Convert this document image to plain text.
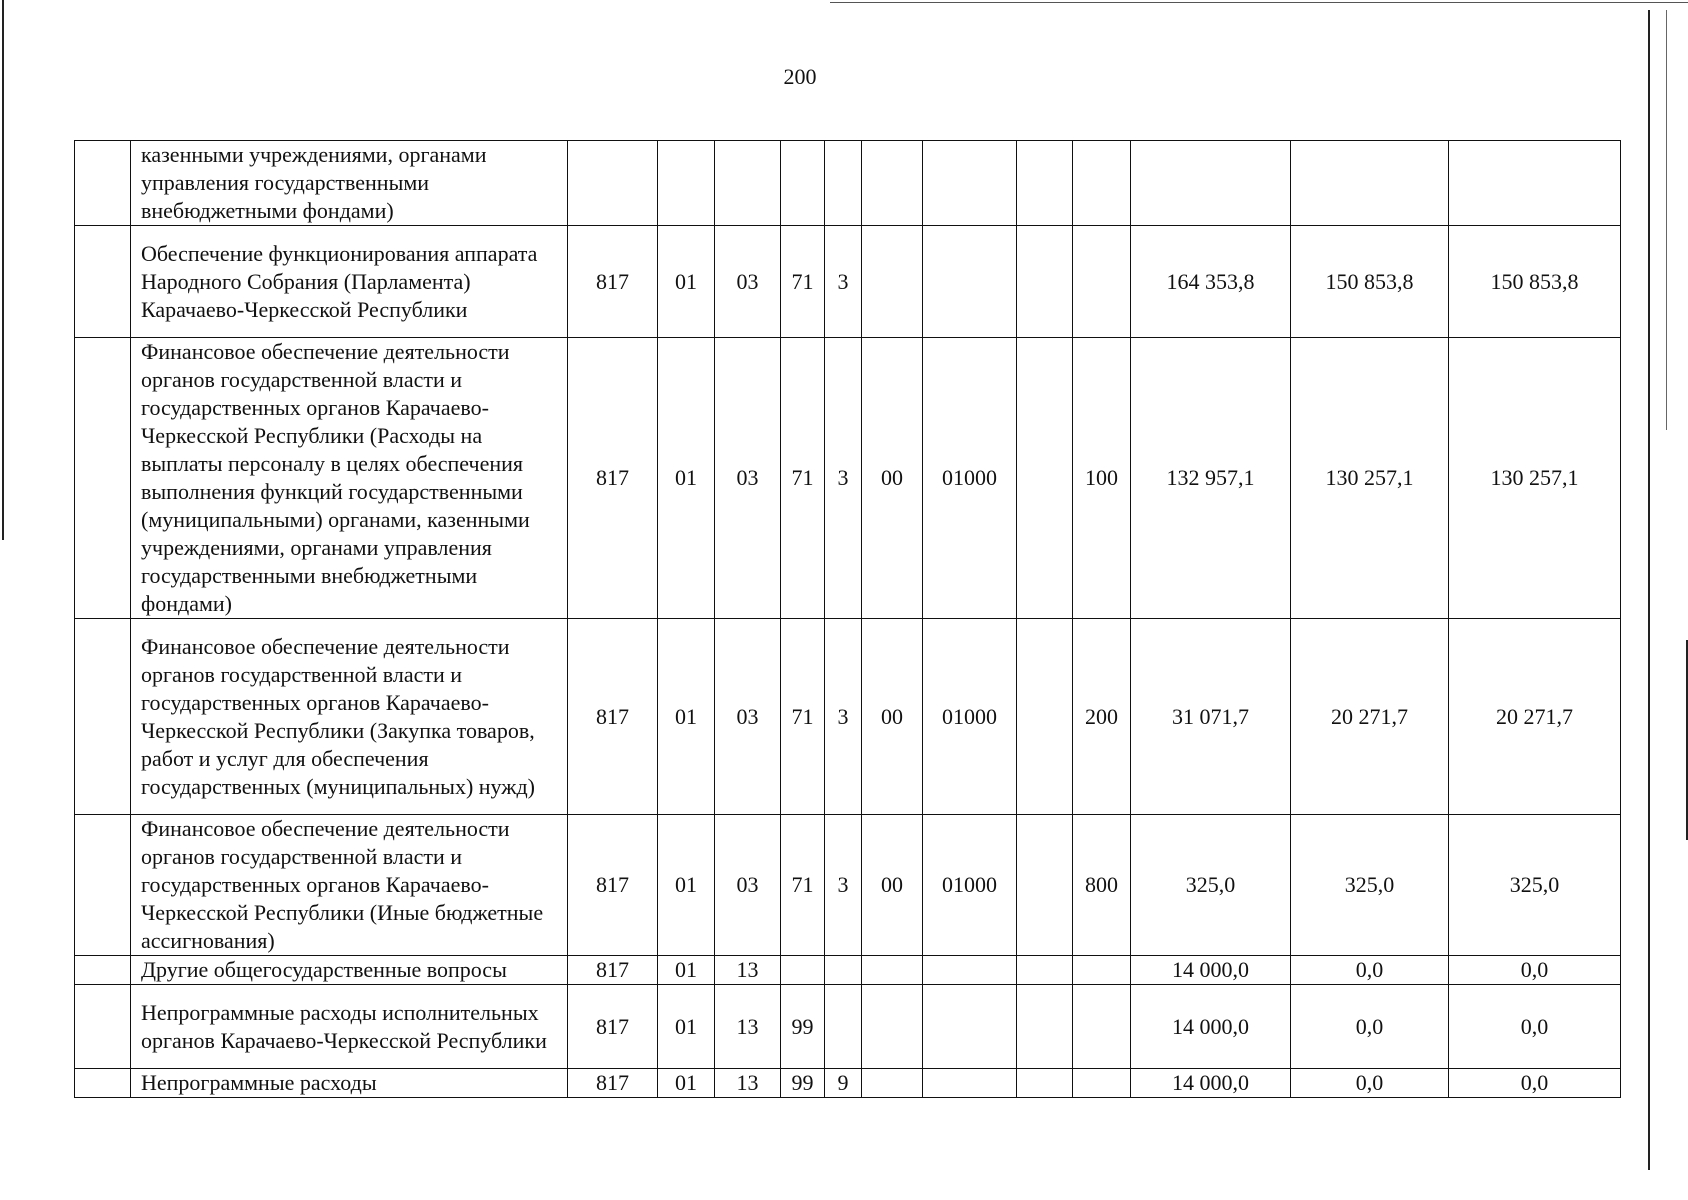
200
	казенными учреждениями, органами управления государственными внебюджетными фондами)												
	Обеспечение функционирования аппарата Народного Собрания (Парламента) Карачаево-Черкесской Республики	817	01	03	71	3					164 353,8	150 853,8	150 853,8
	Финансовое обеспечение деятельности органов государственной власти и государственных органов Карачаево-Черкесской Республики (Расходы на выплаты персоналу в целях обеспечения выполнения функций государственными (муниципальными) органами, казенными учреждениями, органами управления государственными внебюджетными фондами)	817	01	03	71	3	00	01000		100	132 957,1	130 257,1	130 257,1
	Финансовое обеспечение деятельности органов государственной власти и государственных органов Карачаево-Черкесской Республики (Закупка товаров, работ и услуг для обеспечения государственных (муниципальных) нужд)	817	01	03	71	3	00	01000		200	31 071,7	20 271,7	20 271,7
	Финансовое обеспечение деятельности органов государственной власти и государственных органов Карачаево-Черкесской Республики (Иные бюджетные ассигнования)	817	01	03	71	3	00	01000		800	325,0	325,0	325,0
	Другие общегосударственные вопросы	817	01	13							14 000,0	0,0	0,0
	Непрограммные расходы исполнительных органов Карачаево-Черкесской Республики	817	01	13	99						14 000,0	0,0	0,0
	Непрограммные расходы	817	01	13	99	9					14 000,0	0,0	0,0
